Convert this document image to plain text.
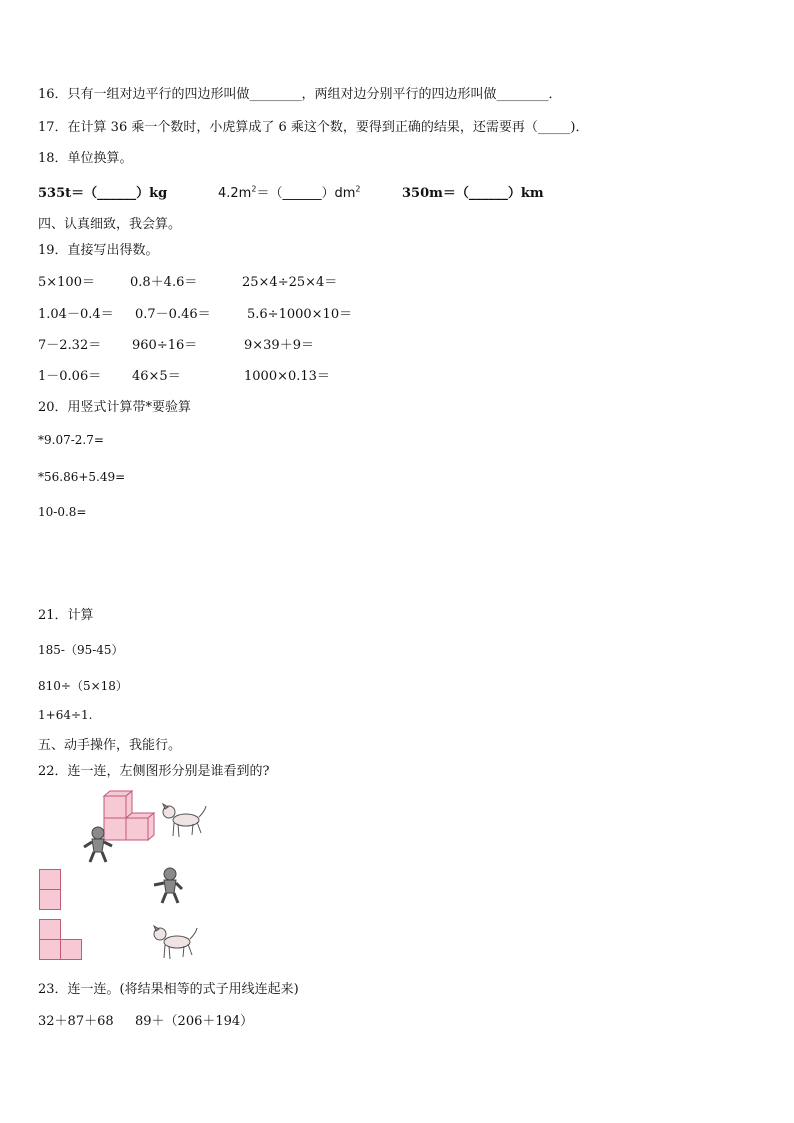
16．只有一组对边平行的四边形叫做________，两组对边分别平行的四边形叫做________．
17．在计算 36 乘一个数时，小虎算成了 6 乘这个数，要得到正确的结果，还需要再（_____)．
18．单位换算。
535t＝（______）kg	$4.2m^2=(\_\_\_\_\_\_)dm^2$	350m＝（______）km
四、认真细致，我会算。
19．直接写出得数。
5×100＝	0.8＋4.6＝	25×4÷25×4＝
1.04－0.4＝ 0.7－0.46＝	5.6÷1000×10＝
7－2.32＝ 960÷16＝	9×39＋9＝
1－0.06＝ 46×5＝	1000×0.13＝
20．用竖式计算带*要验算
*9.07-2.7=
*56.86+5.49=
10-0.8=
21．计算
185-（95-45）
810÷（5×18）
1+64÷1.
五、动手操作，我能行。
22．连一连，左侧图形分别是谁看到的?
23．连一连。(将结果相等的式子用线连起来)
32＋87＋68 89＋（206＋194）
